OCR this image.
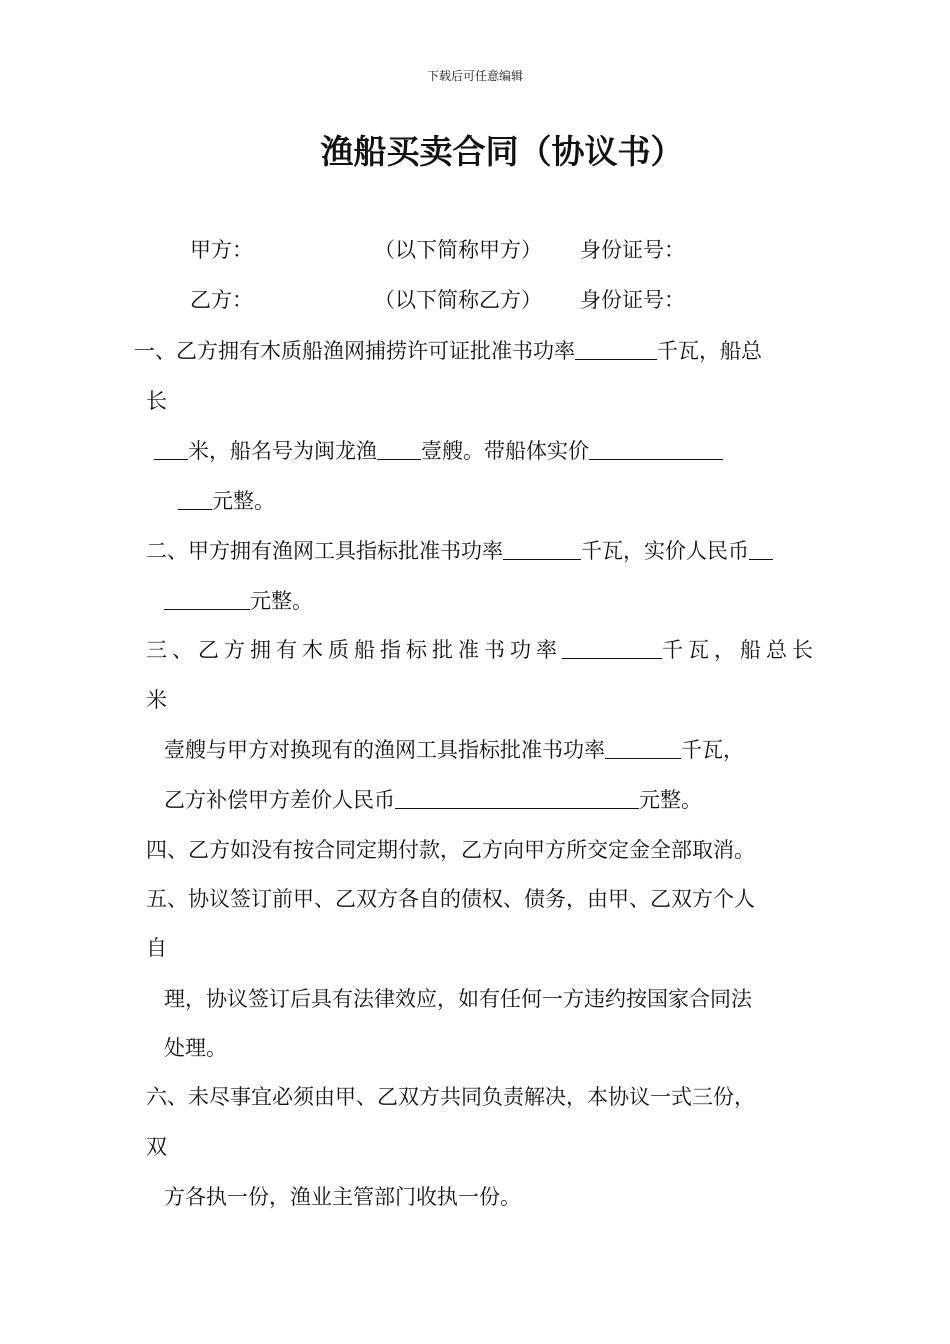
下载后可任意编辑
渔船买卖合同（协议书）
甲方：	（以下简称甲方） 身份证号：
乙方：	（以下简称乙方） 身份证号：
一、乙方拥有木质船渔网捕捞许可证批准书功率	千瓦，船总
长
米，船名号为闽龙渔 壹艘。带船体实价
元整。
二、甲方拥有渔网工具指标批准书功率	千瓦，实价人民币
元整。
三、乙方拥有木质船指标批准书功率	千瓦，船总长
米
壹艘与甲方对换现有的渔网工具指标批准书功率	千瓦，
乙方补偿甲方差价人民币	元整。
四、乙方如没有按合同定期付款，乙方向甲方所交定金全部取消。
五、协议签订前甲、乙双方各自的债权、债务，由甲、乙双方个人
自
理，协议签订后具有法律效应，如有任何一方违约按国家合同法
处理。
六、未尽事宜必须由甲、乙双方共同负责解决，本协议一式三份，
双
方各执一份，渔业主管部门收执一份。
